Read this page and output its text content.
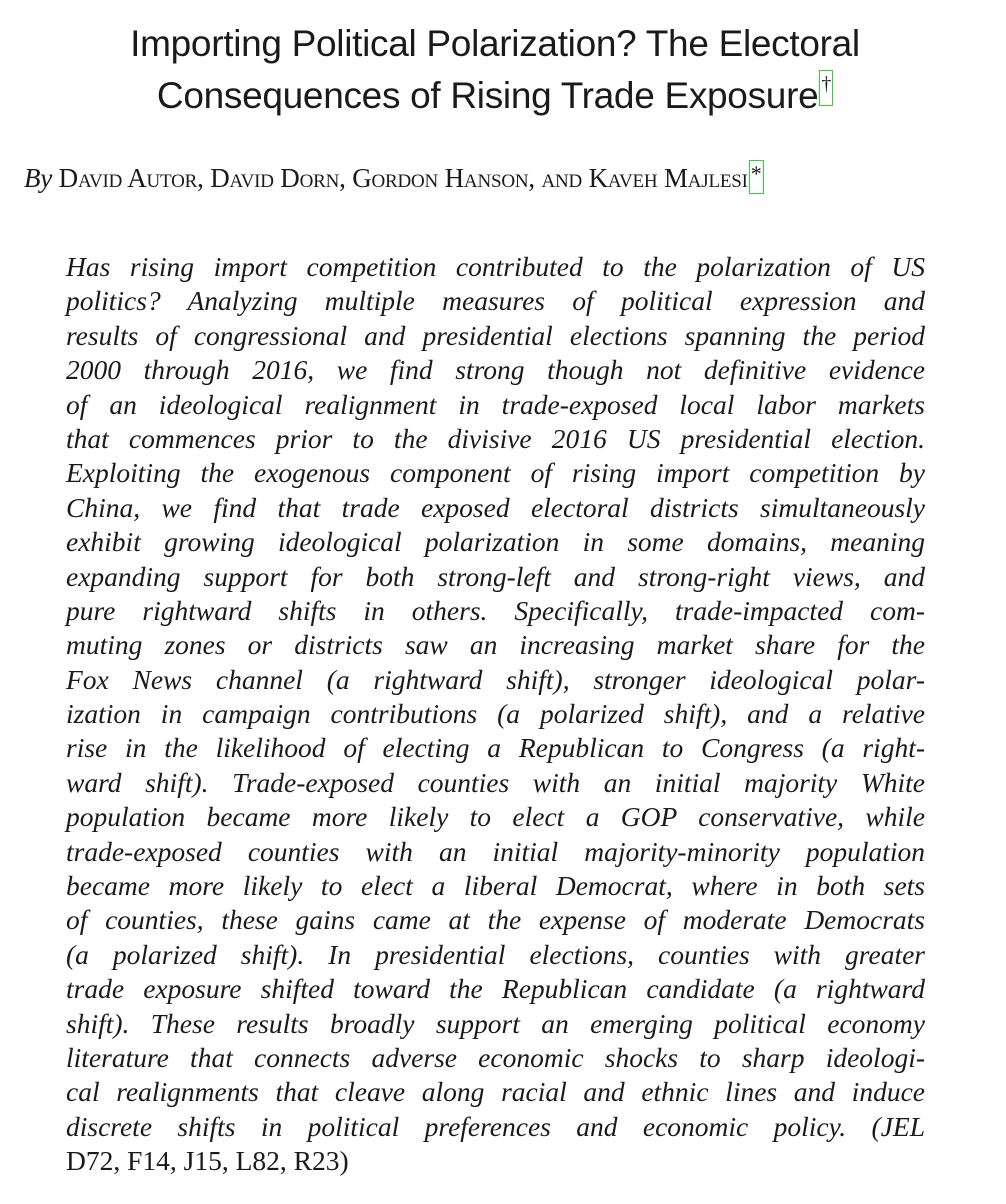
Importing Political Polarization? The Electoral
Consequences of Rising Trade Exposure †
By David Autor, David Dorn, Gordon Hanson, and Kaveh Majlesi *
Has rising import competition contributed to the polarization of US
politics? Analyzing multiple measures of political expression and
results of congressional and presidential elections spanning the period
2000 through 2016, we find strong though not definitive evidence
of an ideological realignment in trade-exposed local labor markets
that commences prior to the divisive 2016 US presidential election.
Exploiting the exogenous component of rising import competition by
China, we find that trade exposed electoral districts simultaneously
exhibit growing ideological polarization in some domains, meaning
expanding support for both strong-left and strong-right views, and
pure rightward shifts in others. Specifically, trade-impacted com-
muting zones or districts saw an increasing market share for the
Fox News channel (a rightward shift), stronger ideological polar-
ization in campaign contributions (a polarized shift), and a relative
rise in the likelihood of electing a Republican to Congress (a right-
ward shift). Trade-exposed counties with an initial majority White
population became more likely to elect a GOP conservative, while
trade-exposed counties with an initial majority-minority population
became more likely to elect a liberal Democrat, where in both sets
of counties, these gains came at the expense of moderate Democrats
(a polarized shift). In presidential elections, counties with greater
trade exposure shifted toward the Republican candidate (a rightward
shift). These results broadly support an emerging political economy
literature that connects adverse economic shocks to sharp ideologi-
cal realignments that cleave along racial and ethnic lines and induce
discrete shifts in political preferences and economic policy. (JEL
D72, F14, J15, L82, R23)
